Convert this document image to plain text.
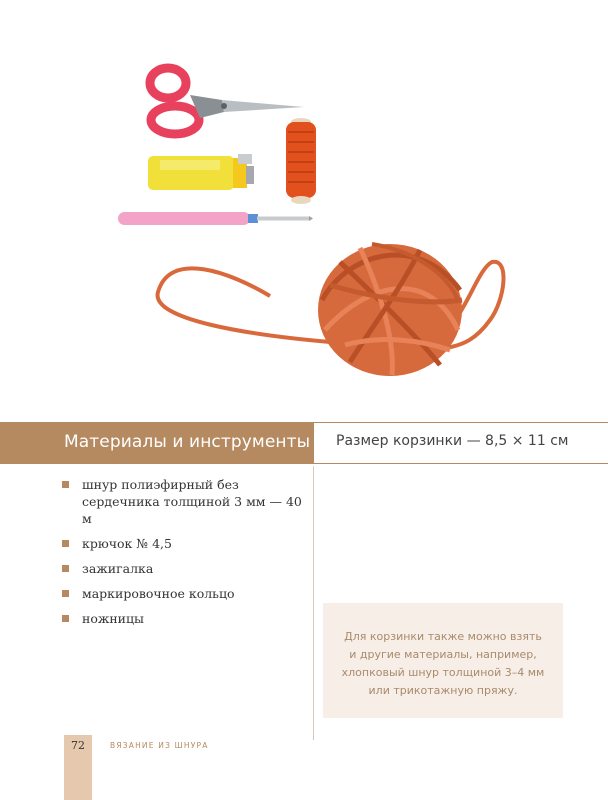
Материалы и инструменты Размер корзинки — 8,5 × 11 см
шнур полиэфирный без сердечника толщиной 3 мм — 40 м
крючок № 4,5
зажигалка
маркировочное кольцо
ножницы

Для корзинки также можно взять
и другие материалы, например,
хлопковый шнур толщиной 3–4 мм
или трикотажную пряжу.

72	ВЯЗАНИЕ ИЗ ШНУРА
